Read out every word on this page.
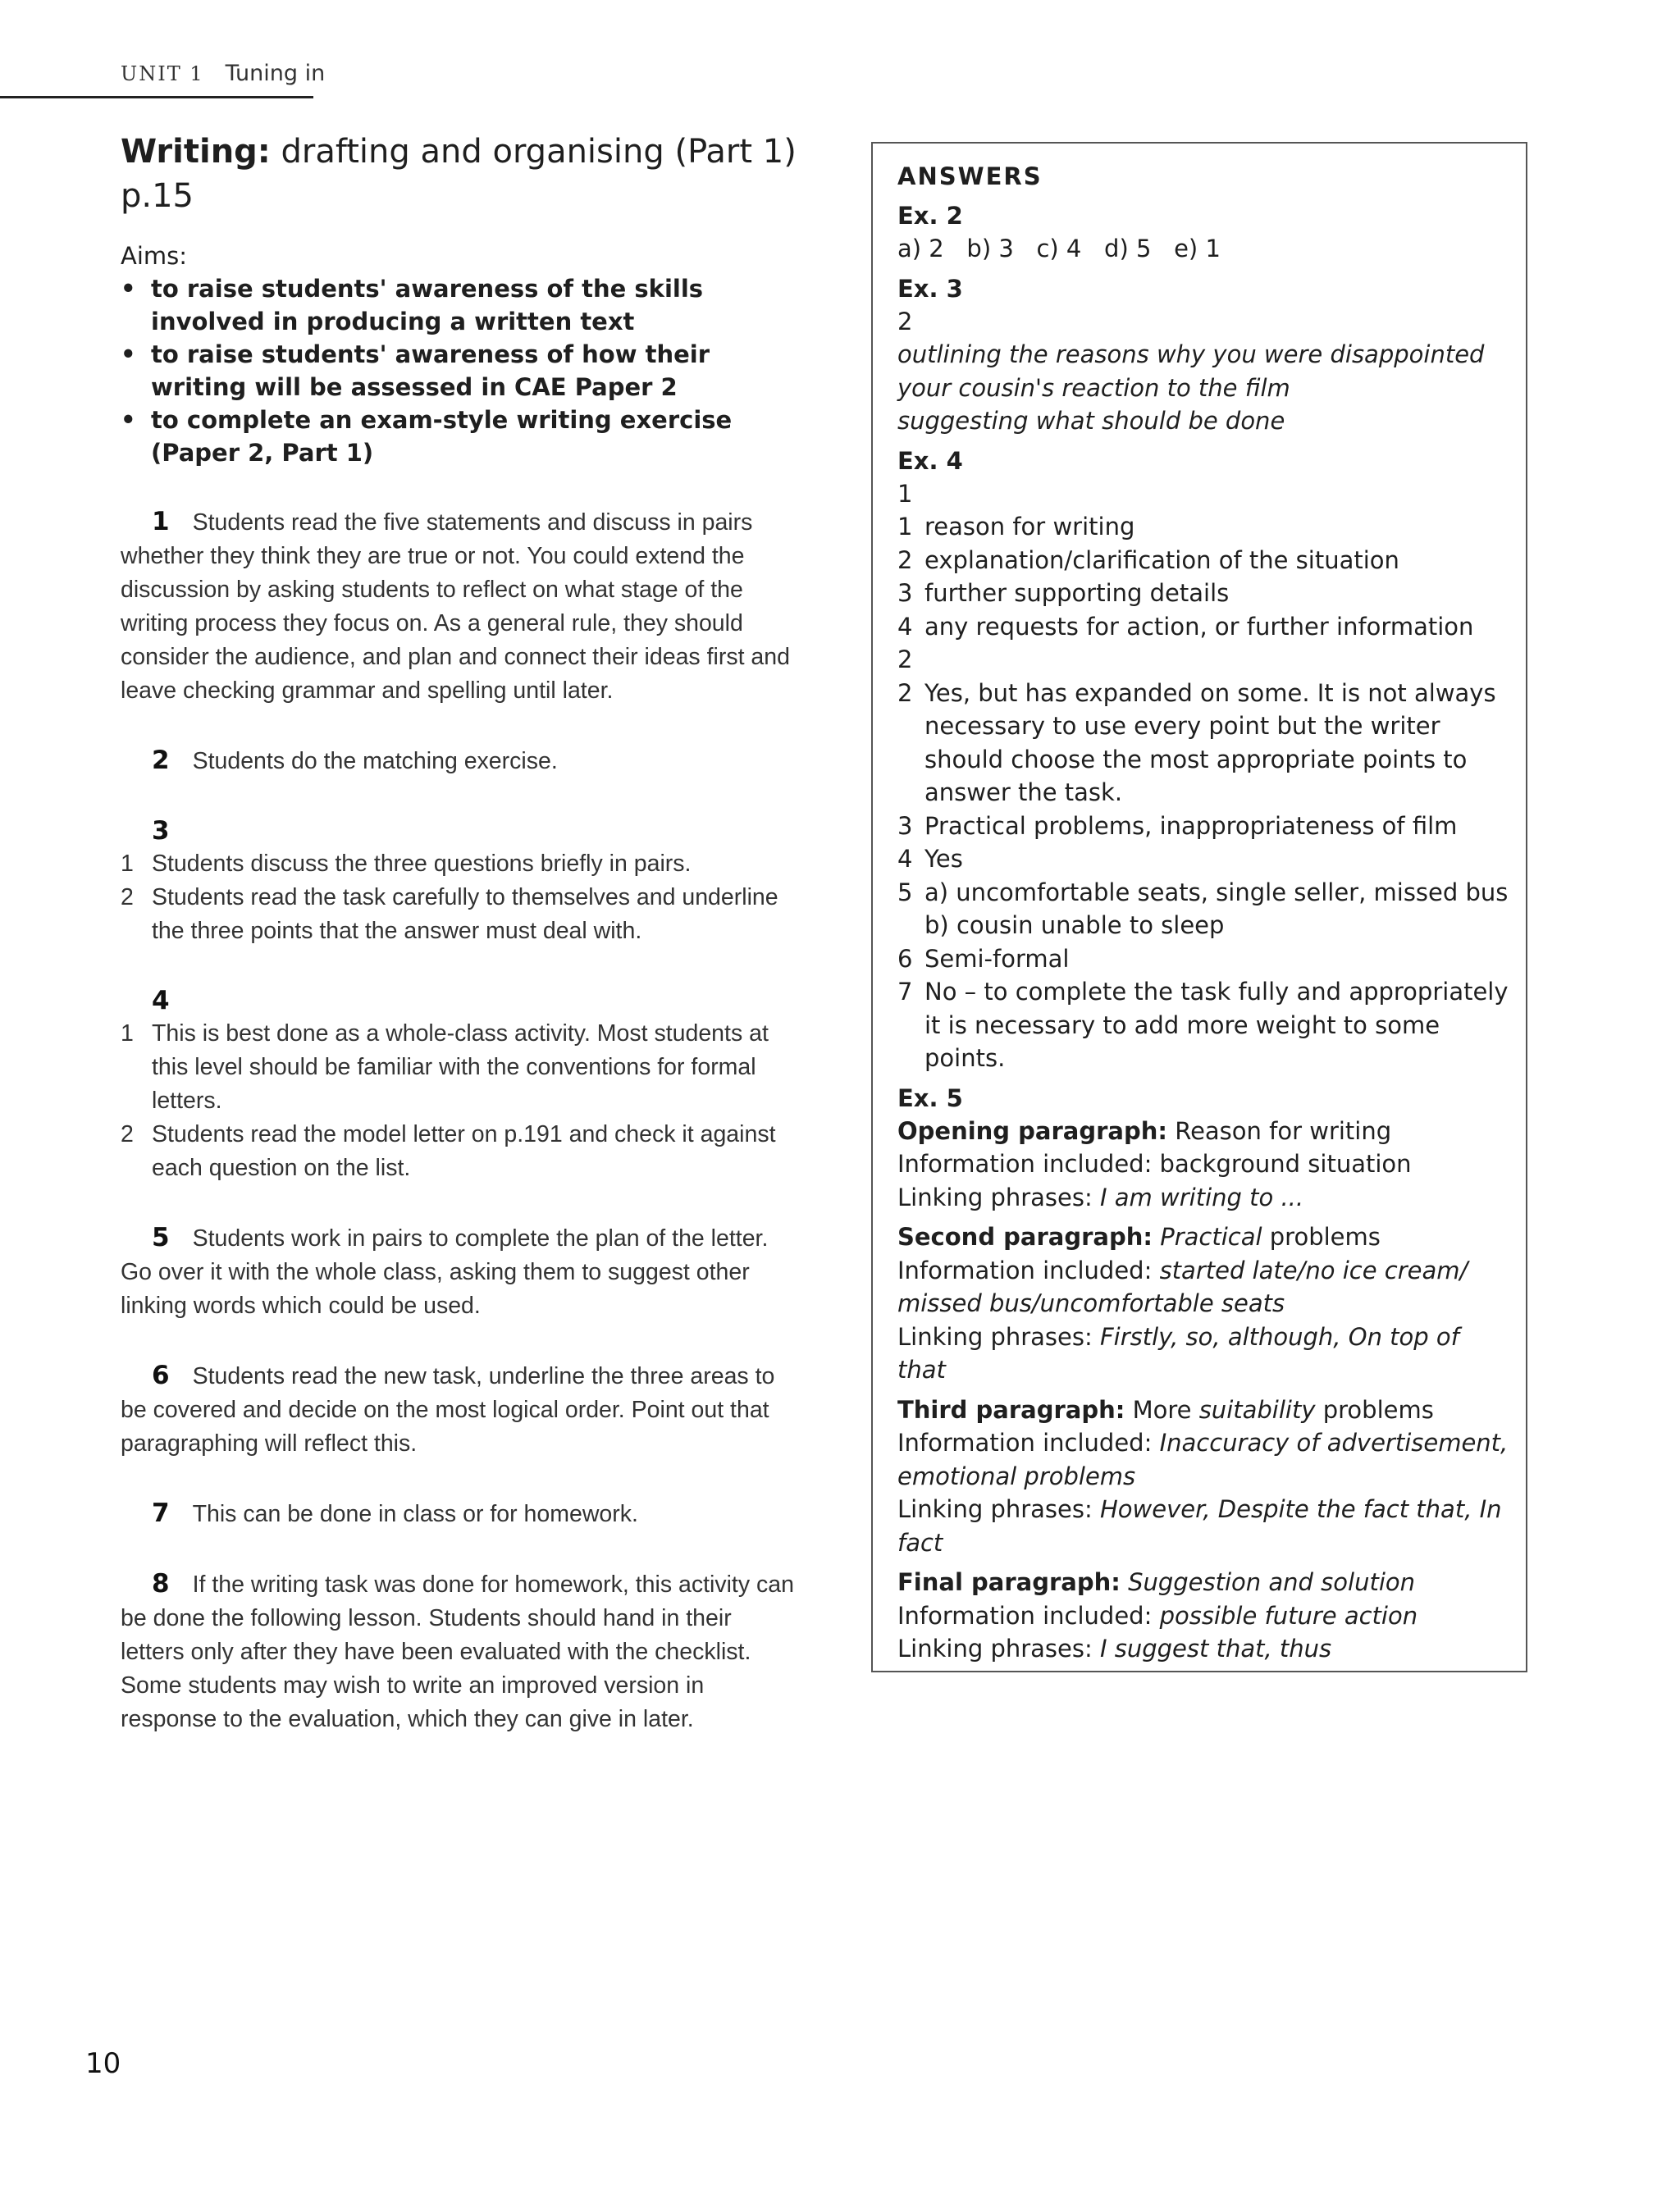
UNIT 1 Tuning in
Writing: drafting and organising (Part 1)
p.15
Aims:
• to raise students' awareness of the skills involved in producing a written text
• to raise students' awareness of how their writing will be assessed in CAE Paper 2
• to complete an exam-style writing exercise (Paper 2, Part 1)
1 Students read the five statements and discuss in pairs whether they think they are true or not. You could extend the discussion by asking students to reflect on what stage of the writing process they focus on. As a general rule, they should consider the audience, and plan and connect their ideas first and leave checking grammar and spelling until later.
2 Students do the matching exercise.
3
1 Students discuss the three questions briefly in pairs.
2 Students read the task carefully to themselves and underline the three points that the answer must deal with.
4
1 This is best done as a whole-class activity. Most students at this level should be familiar with the conventions for formal letters.
2 Students read the model letter on p.191 and check it against each question on the list.
5 Students work in pairs to complete the plan of the letter. Go over it with the whole class, asking them to suggest other linking words which could be used.
6 Students read the new task, underline the three areas to be covered and decide on the most logical order. Point out that paragraphing will reflect this.
7 This can be done in class or for homework.
8 If the writing task was done for homework, this activity can be done the following lesson. Students should hand in their letters only after they have been evaluated with the checklist. Some students may wish to write an improved version in response to the evaluation, which they can give in later.
ANSWERS
Ex. 2
a) 2   b) 3   c) 4   d) 5   e) 1
Ex. 3
2
outlining the reasons why you were disappointed
your cousin's reaction to the film
suggesting what should be done
Ex. 4
1
1 reason for writing
2 explanation/clarification of the situation
3 further supporting details
4 any requests for action, or further information
2
2 Yes, but has expanded on some. It is not always necessary to use every point but the writer should choose the most appropriate points to answer the task.
3 Practical problems, inappropriateness of film
4 Yes
5 a) uncomfortable seats, single seller, missed bus
b) cousin unable to sleep
6 Semi-formal
7 No – to complete the task fully and appropriately it is necessary to add more weight to some points.
Ex. 5
Opening paragraph: Reason for writing
Information included: background situation
Linking phrases: I am writing to ...
Second paragraph: Practical problems
Information included: started late/no ice cream/ missed bus/uncomfortable seats
Linking phrases: Firstly, so, although, On top of that
Third paragraph: More suitability problems
Information included: Inaccuracy of advertisement, emotional problems
Linking phrases: However, Despite the fact that, In fact
Final paragraph: Suggestion and solution
Information included: possible future action
Linking phrases: I suggest that, thus
10
